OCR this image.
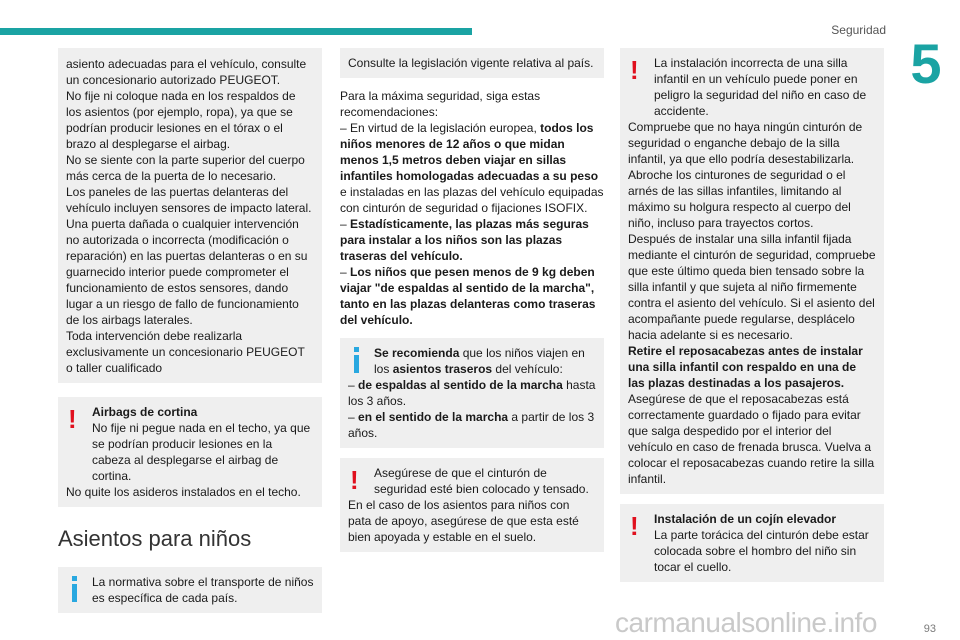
Seguridad
5

asiento adecuadas para el vehículo, consulte un concesionario autorizado PEUGEOT.

No fije ni coloque nada en los respaldos de los asientos (por ejemplo, ropa), ya que se podrían producir lesiones en el tórax o el brazo al desplegarse el airbag.

No se siente con la parte superior del cuerpo más cerca de la puerta de lo necesario.

Los paneles de las puertas delanteras del vehículo incluyen sensores de impacto lateral.

Una puerta dañada o cualquier intervención no autorizada o incorrecta (modificación o reparación) en las puertas delanteras o en su guarnecido interior puede comprometer el funcionamiento de estos sensores, dando lugar a un riesgo de fallo de funcionamiento de los airbags laterales.

Toda intervención debe realizarla exclusivamente un concesionario PEUGEOT o taller cualificado

!	Airbags de cortina

No fije ni pegue nada en el techo, ya que se podrían producir lesiones en la cabeza al desplegarse el airbag de cortina.

No quite los asideros instalados en el techo.

Asientos para niños

La normativa sobre el transporte de niños es específica de cada país.

Consulte la legislación vigente relativa al país.

Para la máxima seguridad, siga estas recomendaciones:

– En virtud de la legislación europea, todos los niños menores de 12 años o que midan menos 1,5 metros deben viajar en sillas infantiles homologadas adecuadas a su peso e instaladas en las plazas del vehículo equipadas con cinturón de seguridad o fijaciones ISOFIX.

– Estadísticamente, las plazas más seguras para instalar a los niños son las plazas traseras del vehículo.

– Los niños que pesen menos de 9 kg deben viajar "de espaldas al sentido de la marcha", tanto en las plazas delanteras como traseras del vehículo.

Se recomienda que los niños viajen en los asientos traseros del vehículo:

– de espaldas al sentido de la marcha hasta los 3 años.

– en el sentido de la marcha a partir de los 3 años.

!	Asegúrese de que el cinturón de seguridad esté bien colocado y tensado.

En el caso de los asientos para niños con pata de apoyo, asegúrese de que esta esté bien apoyada y estable en el suelo.

!	La instalación incorrecta de una silla infantil en un vehículo puede poner en peligro la seguridad del niño en caso de accidente.

Compruebe que no haya ningún cinturón de seguridad o enganche debajo de la silla infantil, ya que ello podría desestabilizarla.

Abroche los cinturones de seguridad o el arnés de las sillas infantiles, limitando al máximo su holgura respecto al cuerpo del niño, incluso para trayectos cortos.

Después de instalar una silla infantil fijada mediante el cinturón de seguridad, compruebe que este último queda bien tensado sobre la silla infantil y que sujeta al niño firmemente contra el asiento del vehículo. Si el asiento del acompañante puede regularse, desplácelo hacia adelante si es necesario.

Retire el reposacabezas antes de instalar una silla infantil con respaldo en una de las plazas destinadas a los pasajeros.

Asegúrese de que el reposacabezas está correctamente guardado o fijado para evitar que salga despedido por el interior del vehículo en caso de frenada brusca. Vuelva a colocar el reposacabezas cuando retire la silla infantil.

!	Instalación de un cojín elevador

La parte torácica del cinturón debe estar colocada sobre el hombro del niño sin tocar el cuello.

carmanualsonline.info	93
